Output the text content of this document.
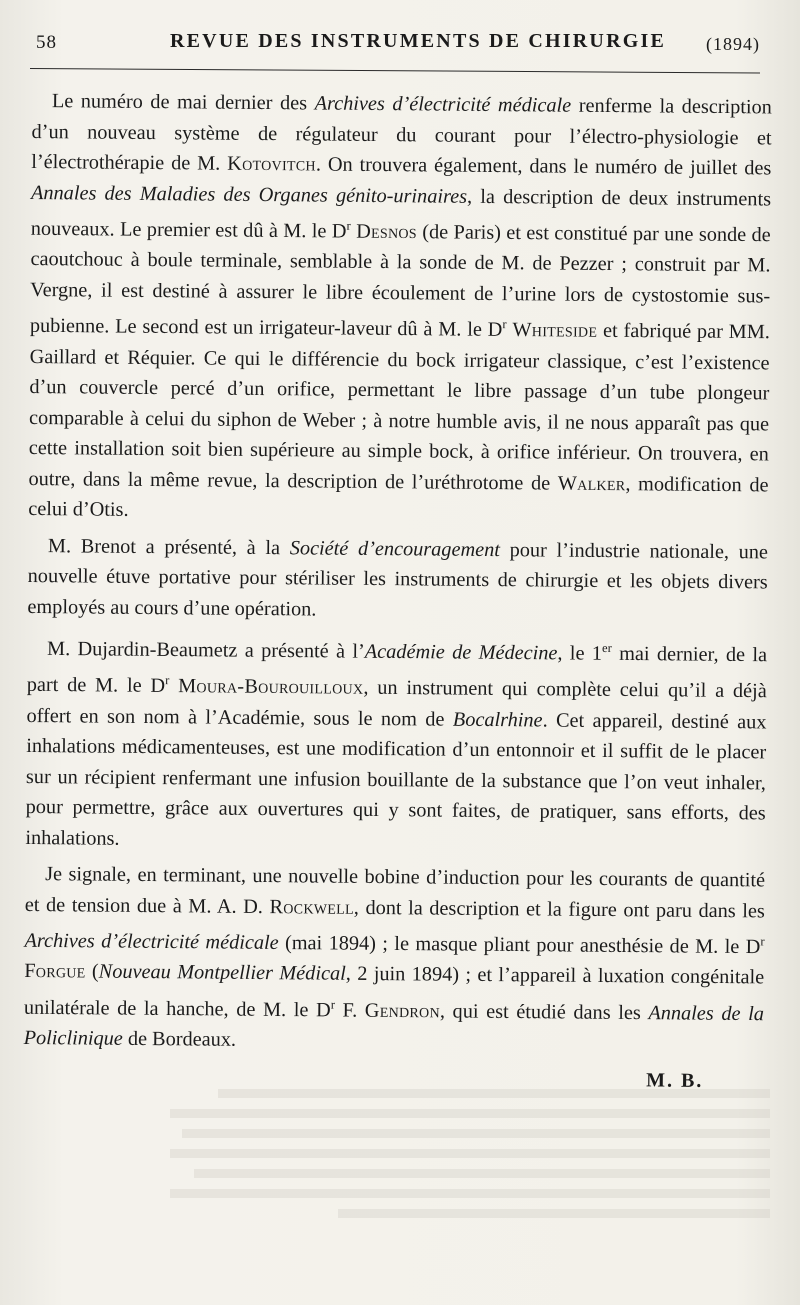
58	REVUE DES INSTRUMENTS DE CHIRURGIE (1894)

Le numéro de mai dernier des Archives d’électricité médicale renferme la description d’un nouveau système de régulateur du courant pour l’électro-physiologie et l’électrothérapie de M. Kotovitch. On trouvera également, dans le numéro de juillet des Annales des Maladies des Organes génito-urinaires, la description de deux instruments nouveaux. Le premier est dû à M. le $D^r$ Desnos (de Paris) et est constitué par une sonde de caoutchouc à boule terminale, semblable à la sonde de M. de Pezzer ; construit par M. Vergne, il est destiné à assurer le libre écoulement de l’urine lors de cystostomie sus-pubienne. Le second est un irrigateur-laveur dû à M. le $D^r$ Whiteside et fabriqué par MM. Gaillard et Réquier. Ce qui le différencie du bock irrigateur classique, c’est l’existence d’un couvercle percé d’un orifice, permettant le libre passage d’un tube plongeur comparable à celui du siphon de Weber ; à notre humble avis, il ne nous apparaît pas que cette installation soit bien supérieure au simple bock, à orifice inférieur. On trouvera, en outre, dans la même revue, la description de l’uréthrotome de Walker, modification de celui d’Otis.

M. Brenot a présenté, à la Société d’encouragement pour l’industrie nationale, une nouvelle étuve portative pour stériliser les instruments de chirurgie et les objets divers employés au cours d’une opération.

M. Dujardin-Beaumetz a présenté à l’Académie de Médecine, le 1er mai dernier, de la part de M. le $D^r$ Moura-Bourouilloux, un instrument qui complète celui qu’il a déjà offert en son nom à l’Académie, sous le nom de Bocalrhine. Cet appareil, destiné aux inhalations médicamenteuses, est une modification d’un entonnoir et il suffit de le placer sur un récipient renfermant une infusion bouillante de la substance que l’on veut inhaler, pour permettre, grâce aux ouvertures qui y sont faites, de pratiquer, sans efforts, des inhalations.

Je signale, en terminant, une nouvelle bobine d’induction pour les courants de quantité et de tension due à M. A. D. Rockwell, dont la description et la figure ont paru dans les Archives d’électricité médicale (mai 1894) ; le masque pliant pour anesthésie de M. le $D^r$ Forgue (Nouveau Montpellier Médical, 2 juin 1894) ; et l’appareil à luxation congénitale unilatérale de la hanche, de M. le $D^r$ F. Gendron, qui est étudié dans les Annales de la Policlinique de Bordeaux.

M. B.
